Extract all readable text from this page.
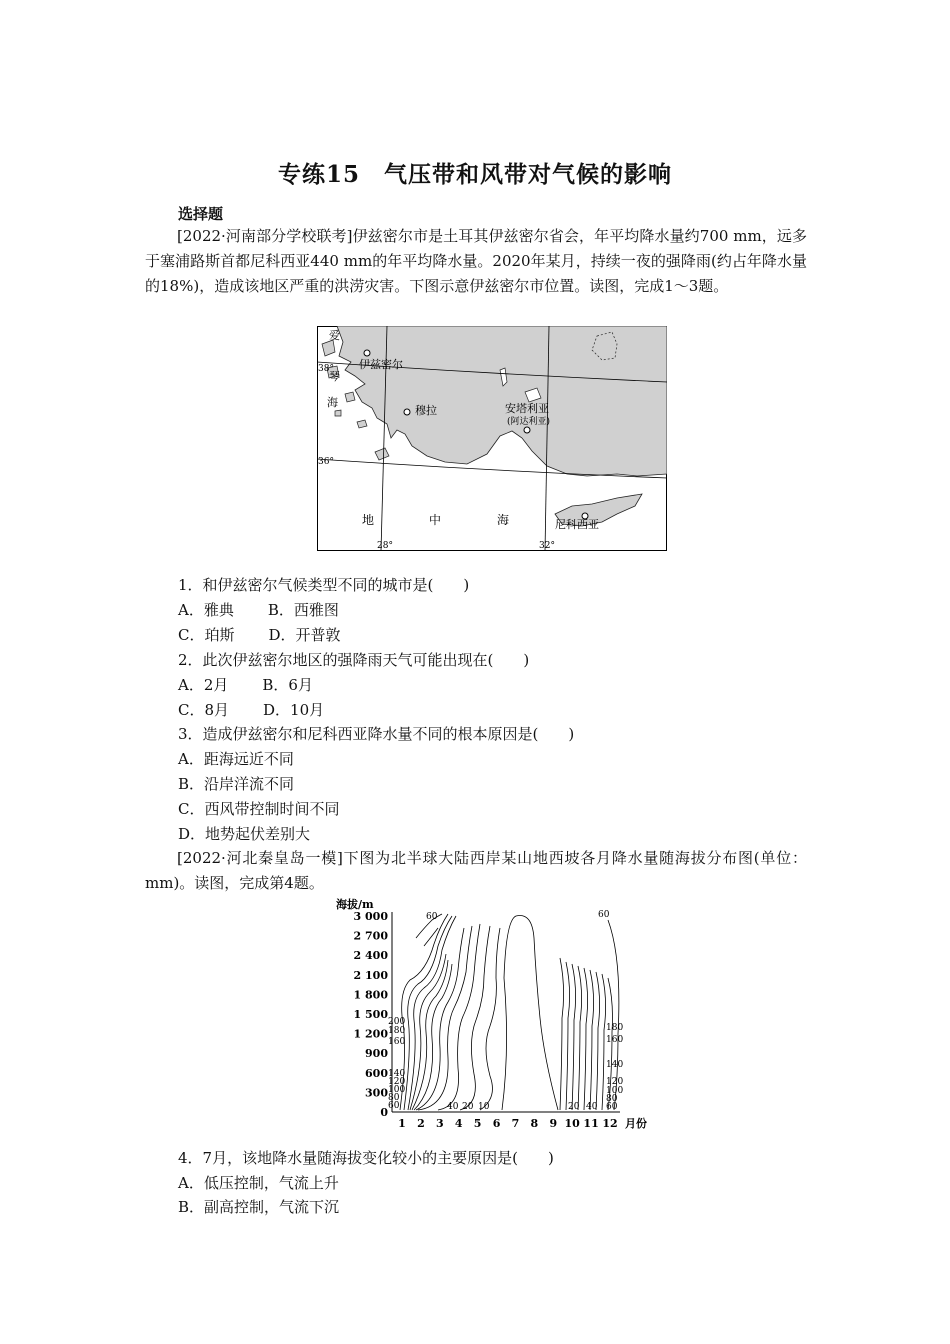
专练15　气压带和风带对气候的影响
选择题
[2022·河南部分学校联考]伊兹密尔市是土耳其伊兹密尔省会，年平均降水量约700 mm，远多于塞浦路斯首都尼科西亚440 mm的年平均降水量。2020年某月，持续一夜的强降雨(约占年降水量的18%)，造成该地区严重的洪涝灾害。下图示意伊兹密尔市位置。读图，完成1～3题。
爱
琴
海
伊兹密尔
穆拉	安塔利亚
(阿达利亚)
地	中	海	尼科西亚
38°
36°
28°	32°
1．和伊兹密尔气候类型不同的城市是(　　)
A．雅典 B．西雅图
C．珀斯 D．开普敦
2．此次伊兹密尔地区的强降雨天气可能出现在(　　)
A．2月 B．6月
C．8月 D．10月
3．造成伊兹密尔和尼科西亚降水量不同的根本原因是(　　)
A．距海远近不同
B．沿岸洋流不同
C．西风带控制时间不同
D．地势起伏差别大
[2022·河北秦皇岛一模]下图为北半球大陆西岸某山地西坡各月降水量随海拔分布图(单位：mm)。读图，完成第4题。
海拔/m
3 000
2 700
2 400
2 100
1 800
1 500
1 200
900
600
300
0
1 2 3 4 5 6 7 8 9 10 11 12 月份
200
180
160
140
120
100
80
60
180
160
140
120
100
80
60
40 20 10	20 40
60	60
4．7月，该地降水量随海拔变化较小的主要原因是(　　)
A．低压控制，气流上升
B．副高控制，气流下沉
